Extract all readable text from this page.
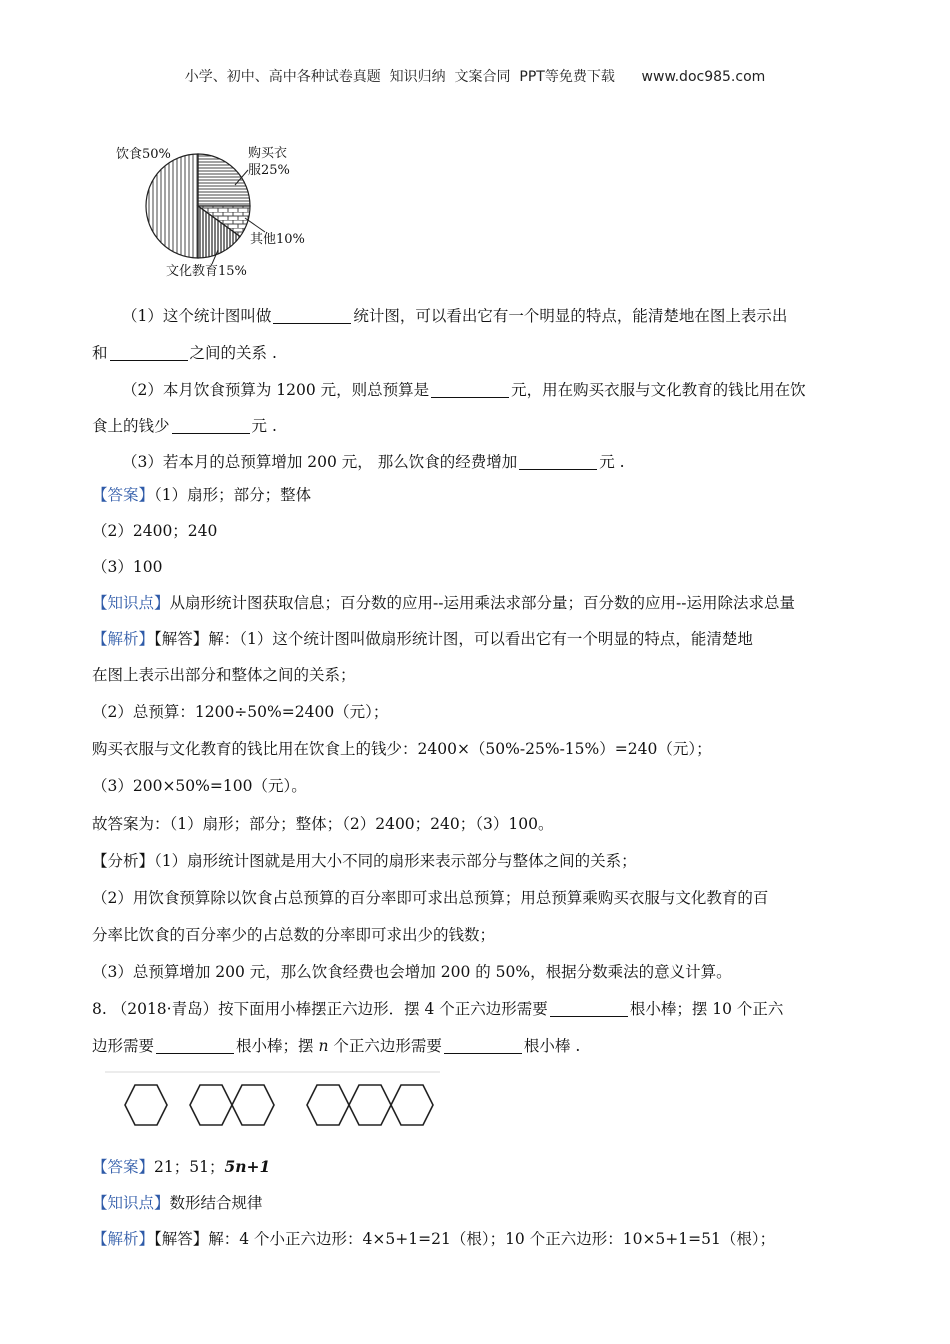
小学、初中、高中各种试卷真题  知识归纳  文案合同  PPT等免费下载      www.doc985.com
饮食50%	购买衣
服25%
其他10%
文化教育15%
（1）这个统计图叫做	统计图，可以看出它有一个明显的特点，能清楚地在图上表示出
和	之间的关系 .
（2）本月饮食预算为 1200 元，则总预算是	元，用在购买衣服与文化教育的钱比用在饮
食上的钱少	元 .
（3）若本月的总预算增加 200 元， 那么饮食的经费增加	元 .
【答案】（1）扇形；部分；整体
（2）2400；240
（3）100
【知识点】从扇形统计图获取信息；百分数的应用--运用乘法求部分量；百分数的应用--运用除法求总量
【解析】【解答】解：（1）这个统计图叫做扇形统计图，可以看出它有一个明显的特点，能清楚地
在图上表示出部分和整体之间的关系；
（2）总预算：1200÷50%=2400（元）；
购买衣服与文化教育的钱比用在饮食上的钱少：2400×（50%-25%-15%）=240（元）；
（3）200×50%=100（元）。
故答案为：（1）扇形；部分；整体；（2）2400；240；（3）100。
【分析】（1）扇形统计图就是用大小不同的扇形来表示部分与整体之间的关系；
（2）用饮食预算除以饮食占总预算的百分率即可求出总预算；用总预算乘购买衣服与文化教育的百
分率比饮食的百分率少的占总数的分率即可求出少的钱数；
（3）总预算增加 200 元，那么饮食经费也会增加 200 的 50%，根据分数乘法的意义计算。
8. （2018·青岛）按下面用小棒摆正六边形．摆 4 个正六边形需要	根小棒；摆 10 个正六
边形需要	根小棒；摆 n 个正六边形需要	根小棒 .
【答案】21；51；5n+1
【知识点】数形结合规律
【解析】【解答】解：4 个小正六边形：4×5+1=21（根）；10 个正六边形：10×5+1=51（根）；
